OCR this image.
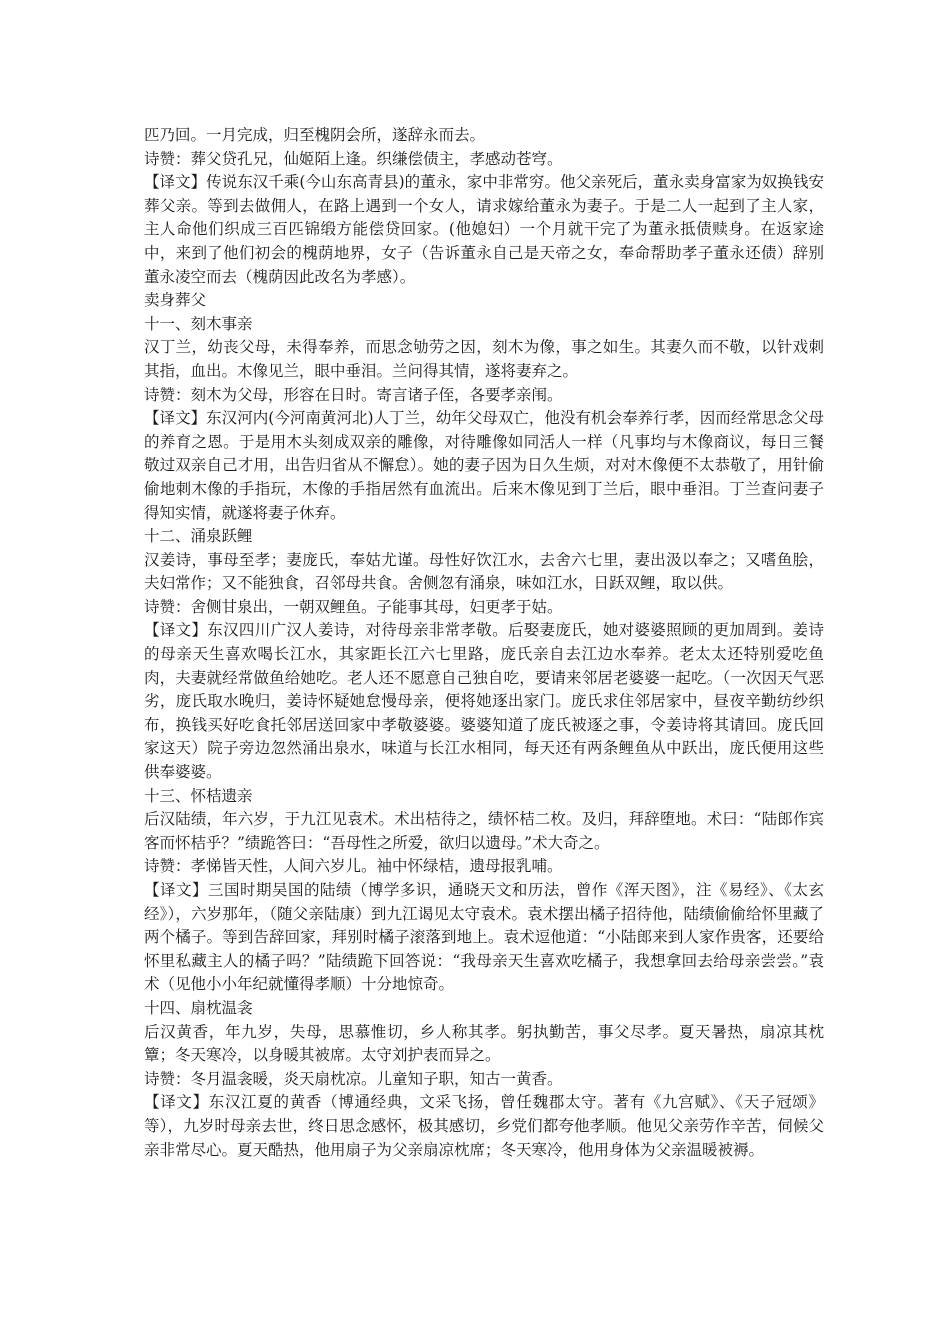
匹乃回。一月完成，归至槐阴会所，遂辞永而去。

诗赞：葬父贷孔兄，仙姬陌上逢。织缣偿债主，孝感动苍穹。

【译文】传说东汉千乘(今山东高青县)的董永，家中非常穷。他父亲死后，董永卖身富家为奴换钱安葬父亲。等到去做佣人，在路上遇到一个女人，请求嫁给董永为妻子。于是二人一起到了主人家，主人命他们织成三百匹锦缎方能偿贷回家。(他媳妇）一个月就干完了为董永抵债赎身。在返家途中，来到了他们初会的槐荫地界，女子（告诉董永自己是天帝之女，奉命帮助孝子董永还债）辞别董永凌空而去（槐荫因此改名为孝感）。

卖身葬父

十一、刻木事亲

汉丁兰，幼丧父母，未得奉养，而思念劬劳之因，刻木为像，事之如生。其妻久而不敬，以针戏刺其指，血出。木像见兰，眼中垂泪。兰问得其情，遂将妻弃之。

诗赞：刻木为父母，形容在日时。寄言诸子侄，各要孝亲闱。

【译文】东汉河内(今河南黄河北)人丁兰，幼年父母双亡，他没有机会奉养行孝，因而经常思念父母的养育之恩。于是用木头刻成双亲的雕像，对待雕像如同活人一样（凡事均与木像商议，每日三餐敬过双亲自己才用，出告归省从不懈怠）。她的妻子因为日久生烦，对对木像便不太恭敬了，用针偷偷地刺木像的手指玩，木像的手指居然有血流出。后来木像见到丁兰后，眼中垂泪。丁兰查问妻子得知实情，就遂将妻子休弃。

十二、涌泉跃鲤

汉姜诗，事母至孝；妻庞氏，奉姑尤谨。母性好饮江水，去舍六七里，妻出汲以奉之；又嗜鱼脍，夫妇常作；又不能独食，召邻母共食。舍侧忽有涌泉，味如江水，日跃双鲤，取以供。

诗赞：舍侧甘泉出，一朝双鲤鱼。子能事其母，妇更孝于姑。

【译文】东汉四川广汉人姜诗，对待母亲非常孝敬。后娶妻庞氏，她对婆婆照顾的更加周到。姜诗的母亲天生喜欢喝长江水，其家距长江六七里路，庞氏亲自去江边水奉养。老太太还特别爱吃鱼肉，夫妻就经常做鱼给她吃。老人还不愿意自己独自吃，要请来邻居老婆婆一起吃。（一次因天气恶劣，庞氏取水晚归，姜诗怀疑她怠慢母亲，便将她逐出家门。庞氏求住邻居家中，昼夜辛勤纺纱织布，换钱买好吃食托邻居送回家中孝敬婆婆。婆婆知道了庞氏被逐之事，令姜诗将其请回。庞氏回家这天）院子旁边忽然涌出泉水，味道与长江水相同，每天还有两条鲤鱼从中跃出，庞氏便用这些供奉婆婆。

十三、怀桔遗亲

后汉陆绩，年六岁，于九江见袁术。术出桔待之，绩怀桔二枚。及归，拜辞堕地。术曰：“陆郎作宾客而怀桔乎？”绩跪答曰：“吾母性之所爱，欲归以遗母。”术大奇之。

诗赞：孝悌皆天性，人间六岁儿。袖中怀绿桔，遗母报乳哺。

【译文】三国时期吴国的陆绩（博学多识，通晓天文和历法，曾作《浑天图》，注《易经》、《太玄经》），六岁那年，（随父亲陆康）到九江谒见太守袁术。袁术摆出橘子招待他，陆绩偷偷给怀里藏了两个橘子。等到告辞回家，拜别时橘子滚落到地上。袁术逗他道：“小陆郎来到人家作贵客，还要给怀里私藏主人的橘子吗？”陆绩跪下回答说：“我母亲天生喜欢吃橘子，我想拿回去给母亲尝尝。”袁术（见他小小年纪就懂得孝顺）十分地惊奇。

十四、扇枕温衾

后汉黄香，年九岁，失母，思慕惟切，乡人称其孝。躬执勤苦，事父尽孝。夏天暑热，扇凉其枕簟；冬天寒冷，以身暖其被席。太守刘护表而异之。

诗赞：冬月温衾暖，炎天扇枕凉。儿童知子职，知古一黄香。

【译文】东汉江夏的黄香（博通经典，文采飞扬，曾任魏郡太守。著有《九宫赋》、《天子冠颂》等），九岁时母亲去世，终日思念感怀，极其感切，乡党们都夸他孝顺。他见父亲劳作辛苦，伺候父亲非常尽心。夏天酷热，他用扇子为父亲扇凉枕席；冬天寒冷，他用身体为父亲温暖被褥。
